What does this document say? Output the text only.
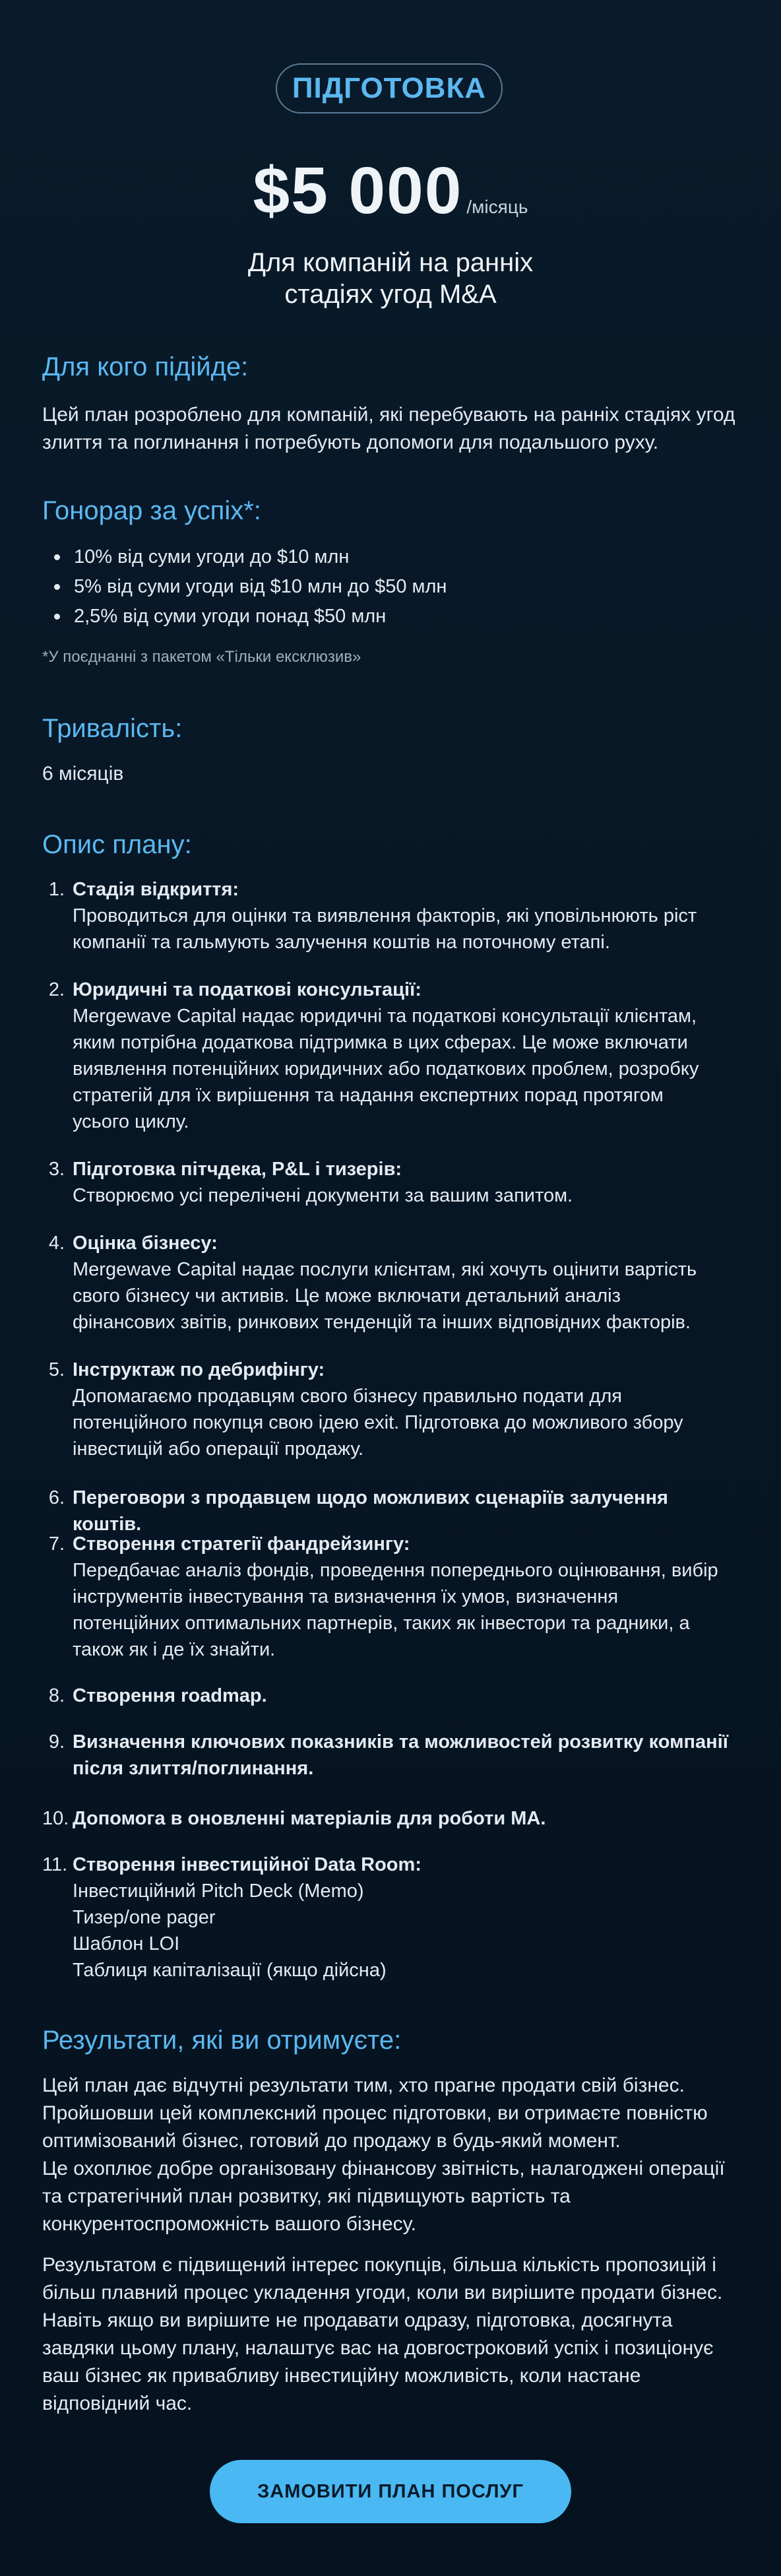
ПІДГОТОВКА
$5 000 /місяць
Для компаній на ранніх
стадіях угод M&A
Для кого підійде:
Цей план розроблено для компаній, які перебувають на ранніх стадіях угод
злиття та поглинання і потребують допомоги для подальшого руху.
Гонорар за успіх*:
10% від суми угоди до $10 млн
5% від суми угоди від $10 млн до $50 млн
2,5% від суми угоди понад $50 млн
*У поєднанні з пакетом «Тільки ексклюзив»
Тривалість:
6 місяців
Опис плану:
1. Стадія відкриття:
Проводиться для оцінки та виявлення факторів, які уповільнюють ріст
компанії та гальмують залучення коштів на поточному етапі.
2. Юридичні та податкові консультації:
Mergewave Capital надає юридичні та податкові консультації клієнтам,
яким потрібна додаткова підтримка в цих сферах. Це може включати
виявлення потенційних юридичних або податкових проблем, розробку
стратегій для їх вирішення та надання експертних порад протягом
усього циклу.
3. Підготовка пітчдека, P&L і тизерів:
Створюємо усі перелічені документи за вашим запитом.
4. Оцінка бізнесу:
Mergewave Capital надає послуги клієнтам, які хочуть оцінити вартість
свого бізнесу чи активів. Це може включати детальний аналіз
фінансових звітів, ринкових тенденцій та інших відповідних факторів.
5. Інструктаж по дебрифінгу:
Допомагаємо продавцям свого бізнесу правильно подати для
потенційного покупця свою ідею exit. Підготовка до можливого збору
інвестицій або операції продажу.
6. Переговори з продавцем щодо можливих сценаріїв залучення коштів.
7. Створення стратегії фандрейзингу:
Передбачає аналіз фондів, проведення попереднього оцінювання, вибір
інструментів інвестування та визначення їх умов, визначення
потенційних оптимальних партнерів, таких як інвестори та радники, а
також як і де їх знайти.
8. Створення roadmap.
9. Визначення ключових показників та можливостей розвитку компанії
після злиття/поглинання.
10. Допомога в оновленні матеріалів для роботи МА.
11. Створення інвестиційної Data Room:
Інвестиційний Pitch Deck (Memo)
Тизер/one pager
Шаблон LOI
Таблиця капіталізації (якщо дійсна)
Результати, які ви отримуєте:
Цей план дає відчутні результати тим, хто прагне продати свій бізнес.
Пройшовши цей комплексний процес підготовки, ви отримаєте повністю
оптимізований бізнес, готовий до продажу в будь-який момент.
Це охоплює добре організовану фінансову звітність, налагоджені операції
та стратегічний план розвитку, які підвищують вартість та
конкурентоспроможність вашого бізнесу.
Результатом є підвищений інтерес покупців, більша кількість пропозицій і
більш плавний процес укладення угоди, коли ви вирішите продати бізнес.
Навіть якщо ви вирішите не продавати одразу, підготовка, досягнута
завдяки цьому плану, налаштує вас на довгостроковий успіх і позиціонує
ваш бізнес як привабливу інвестиційну можливість, коли настане
відповідний час.
ЗАМОВИТИ ПЛАН ПОСЛУГ
